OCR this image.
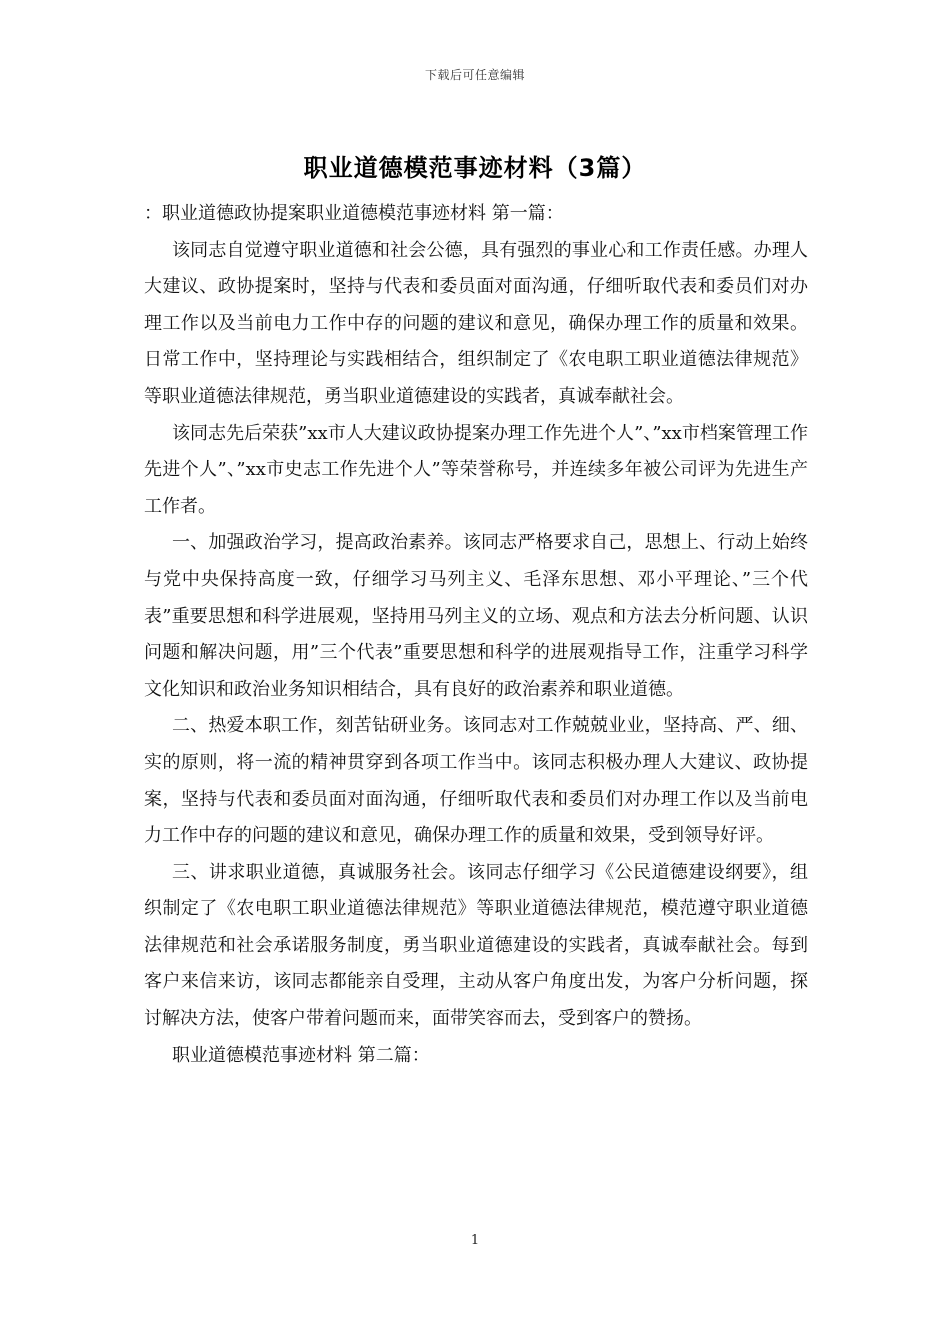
下载后可任意编辑
职业道德模范事迹材料（3篇）

：职业道德政协提案职业道德模范事迹材料 第一篇：

该同志自觉遵守职业道德和社会公德，具有强烈的事业心和工作责任感。办理人大建议、政协提案时，坚持与代表和委员面对面沟通，仔细听取代表和委员们对办理工作以及当前电力工作中存的问题的建议和意见，确保办理工作的质量和效果。日常工作中，坚持理论与实践相结合，组织制定了《农电职工职业道德法律规范》等职业道德法律规范，勇当职业道德建设的实践者，真诚奉献社会。

该同志先后荣获”xx市人大建议政协提案办理工作先进个人”、”xx市档案管理工作先进个人”、”xx市史志工作先进个人”等荣誉称号，并连续多年被公司评为先进生产工作者。

一、加强政治学习，提高政治素养。该同志严格要求自己，思想上、行动上始终与党中央保持高度一致，仔细学习马列主义、毛泽东思想、邓小平理论、”三个代表”重要思想和科学进展观，坚持用马列主义的立场、观点和方法去分析问题、认识问题和解决问题，用”三个代表”重要思想和科学的进展观指导工作，注重学习科学文化知识和政治业务知识相结合，具有良好的政治素养和职业道德。

二、热爱本职工作，刻苦钻研业务。该同志对工作兢兢业业，坚持高、严、细、实的原则，将一流的精神贯穿到各项工作当中。该同志积极办理人大建议、政协提案，坚持与代表和委员面对面沟通，仔细听取代表和委员们对办理工作以及当前电力工作中存的问题的建议和意见，确保办理工作的质量和效果，受到领导好评。

三、讲求职业道德，真诚服务社会。该同志仔细学习《公民道德建设纲要》，组织制定了《农电职工职业道德法律规范》等职业道德法律规范，模范遵守职业道德法律规范和社会承诺服务制度，勇当职业道德建设的实践者，真诚奉献社会。每到客户来信来访，该同志都能亲自受理，主动从客户角度出发，为客户分析问题，探讨解决方法，使客户带着问题而来，面带笑容而去，受到客户的赞扬。

职业道德模范事迹材料 第二篇：

1
